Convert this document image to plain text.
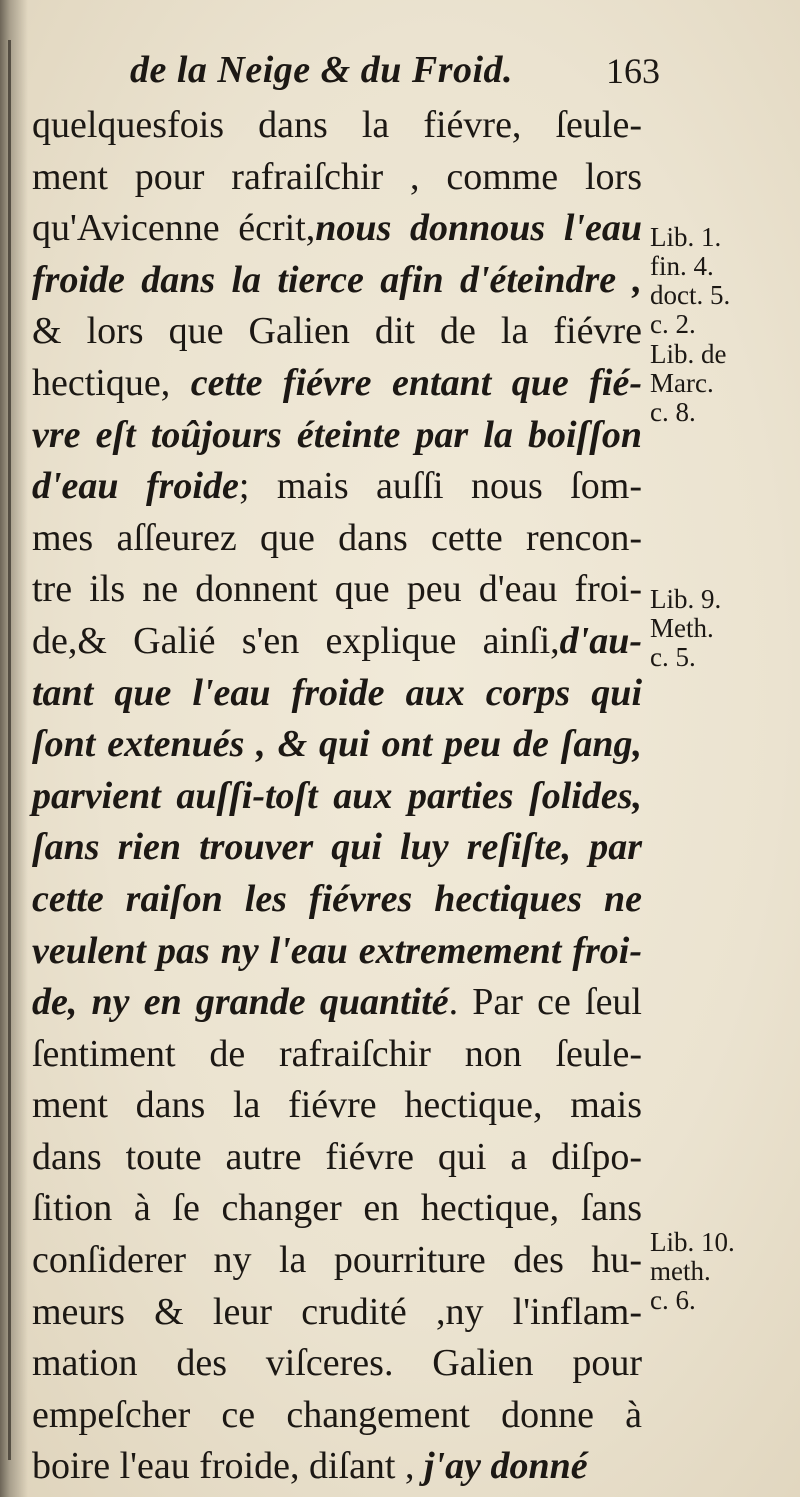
de la Neige & du Froid.	163
quelquesfois dans la fiévre, ſeule-
ment pour rafraiſchir , comme lors
qu'Avicenne écrit,nous donnous l'eau
froide dans la tierce afin d'éteindre ,
& lors que Galien dit de la fiévre
hectique, cette fiévre entant que fié-
vre eſt toûjours éteinte par la boiſſon
d'eau froide; mais auſſi nous ſom-
mes aſſeurez que dans cette rencon-
tre ils ne donnent que peu d'eau froi-
de,& Galié s'en explique ainſi,d'au-
tant que l'eau froide aux corps qui
ſont extenués , & qui ont peu de ſang,
parvient auſſi-toſt aux parties ſolides,
ſans rien trouver qui luy reſiſte, par
cette raiſon les fiévres hectiques ne
veulent pas ny l'eau extremement froi-
de, ny en grande quantité. Par ce ſeul
ſentiment de rafraiſchir non ſeule-
ment dans la fiévre hectique, mais
dans toute autre fiévre qui a diſpo-
ſition à ſe changer en hectique, ſans
conſiderer ny la pourriture des hu-
meurs & leur crudité ,ny l'inflam-
mation des viſceres. Galien pour
empeſcher ce changement donne à
boire l'eau froide, diſant , j'ay donné
Lib. 1.
fin. 4.
doct. 5.
c. 2.
Lib. de
Marc.
c. 8.
Lib. 9.
Meth.
c. 5.
Lib. 10.
meth.
c. 6.
